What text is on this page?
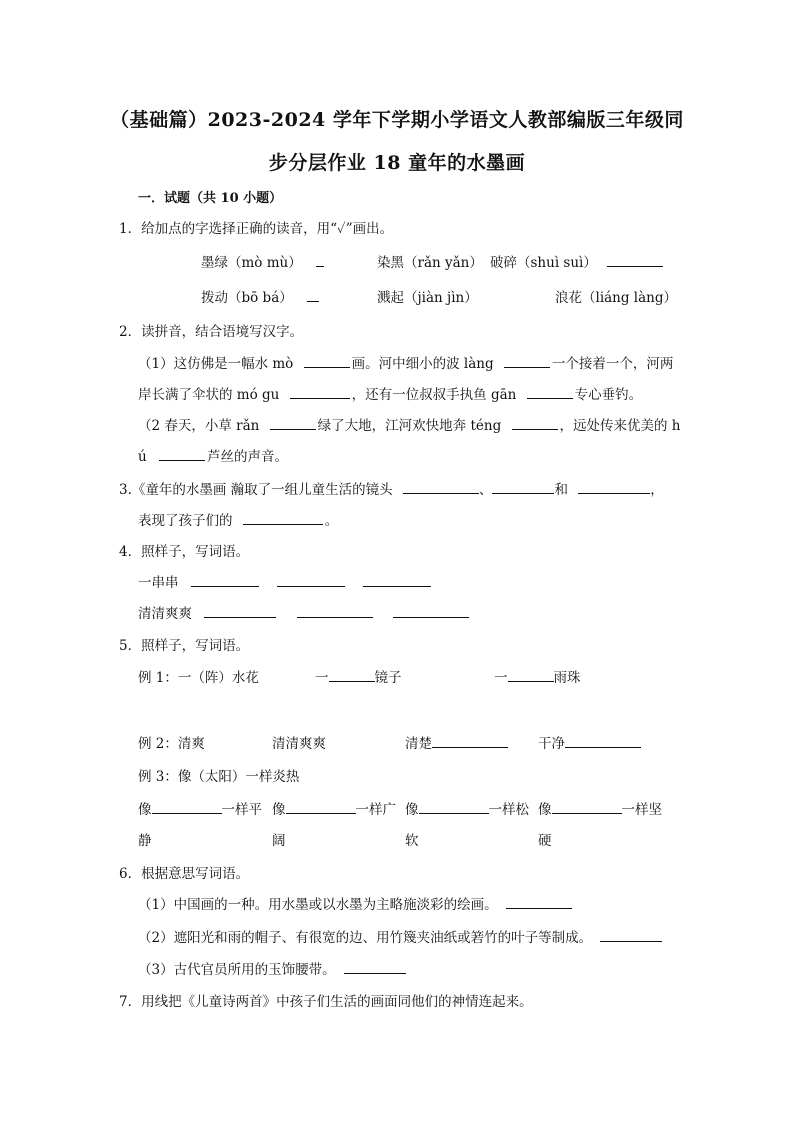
（基础篇）2023-2024 学年下学期小学语文人教部编版三年级同
步分层作业 18 童年的水墨画
一．试题（共 10 小题）
1．给加点的字选择正确的读音，用“✓”画出。
墨绿（mò mù）	染黑（rǎn yǎn） 破碎（shuì suì）
拨动（bō bá）	溅起（jiàn jìn）	浪花（liáng làng）
2．读拼音，结合语境写汉字。
（1）这仿佛是一幅水 mò	画。河中细小的波 làng	一个接着一个，河两
岸长满了伞状的 mó gu	，还有一位叔叔手执鱼 gān	专心垂钓。
（2 春天，小草 rǎn	绿了大地，江河欢快地奔 téng	，远处传来优美的 h
ú	芦丝的声音。
3.《童年的水墨画 瀚取了一组儿童生活的镜头	、	和	，
表现了孩子们的	。
4．照样子，写词语。
一串串
清清爽爽
5．照样子，写词语。
例 1：一（阵）水花	一	镜子	一	雨珠
例 2：清爽	清清爽爽	清楚	干净
例 3：像（太阳）一样炎热
像	一样平
静
像	一样广
阔
像	一样松
软
像	一样坚
硬
6．根据意思写词语。
（1）中国画的一种。用水墨或以水墨为主略施淡彩的绘画。
（2）遮阳光和雨的帽子、有很宽的边、用竹篾夹油纸或箬竹的叶子等制成。
（3）古代官员所用的玉饰腰带。
7．用线把《儿童诗两首》中孩子们生活的画面同他们的神情连起来。
